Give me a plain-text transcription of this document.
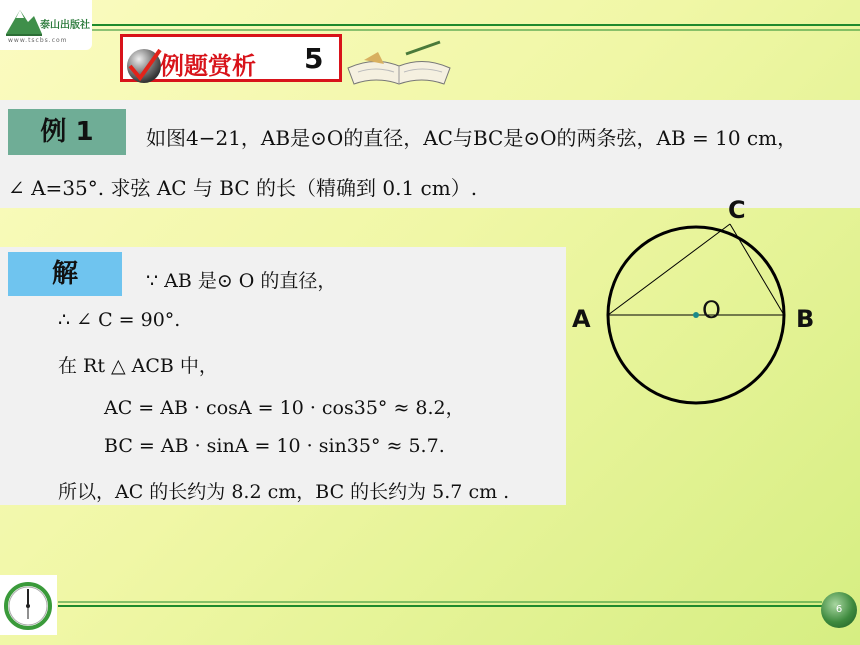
泰山出版社
www.tscbs.com
例题赏析 5
例 1	如图4−21，AB是⊙O的直径，AC与BC是⊙O的两条弦，AB = 10 cm，
∠ A=35°. 求弦 AC 与 BC 的长（精确到 0.1 cm）.
解	∵ AB 是⊙ O 的直径，
∴ ∠ C = 90°.
在 Rt △ ACB 中，
AC = AB · cosA = 10 · cos35° ≈ 8.2，
BC = AB · sinA = 10 · sin35° ≈ 5.7.
所以，AC 的长约为 8.2 cm，BC 的长约为 5.7 cm .
C
A	B
O
6
